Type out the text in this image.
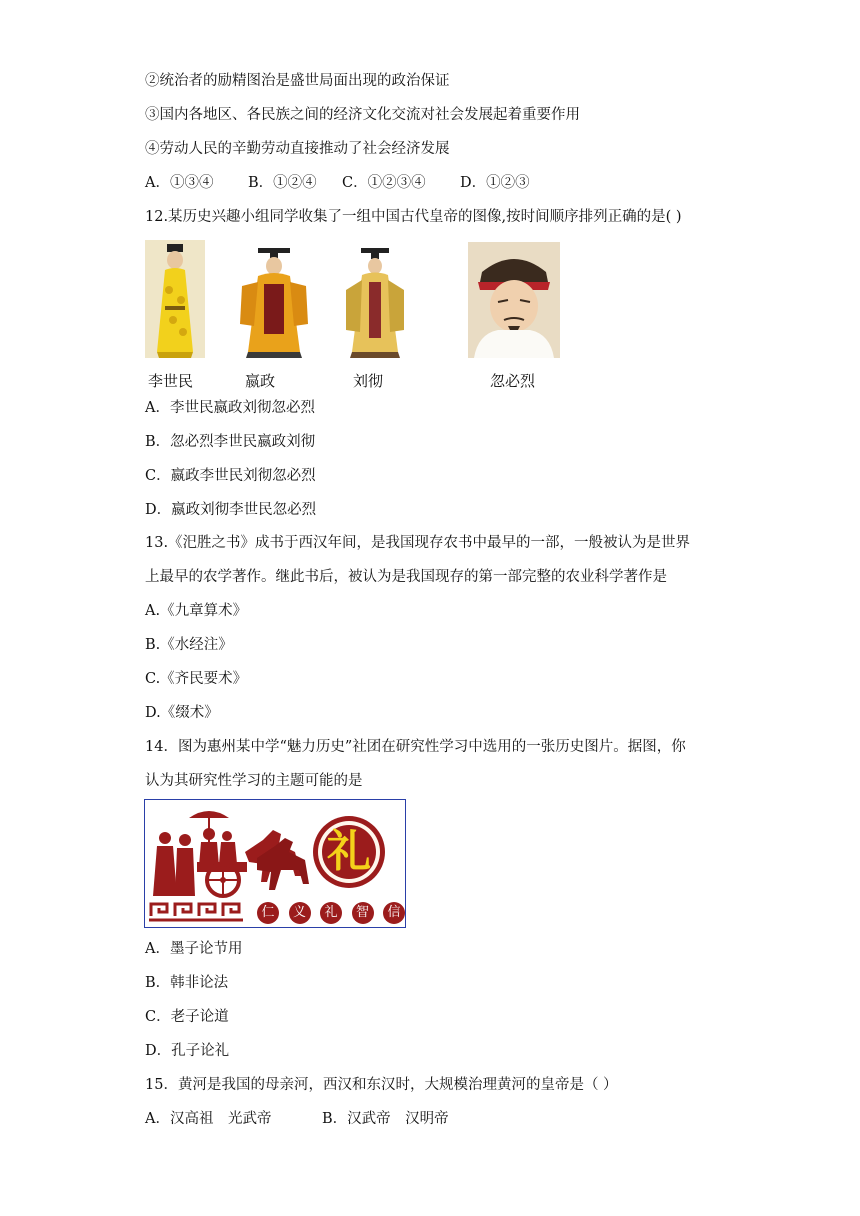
②统治者的励精图治是盛世局面出现的政治保证
③国内各地区、各民族之间的经济文化交流对社会发展起着重要作用
④劳动人民的辛勤劳动直接推动了社会经济发展
A．①③④ B．①②④ C．①②③④ D．①②③
12.某历史兴趣小组同学收集了一组中国古代皇帝的图像,按时间顺序排列正确的是( )
李世民	嬴政	刘彻	忽必烈
A．李世民嬴政刘彻忽必烈
B．忽必烈李世民嬴政刘彻
C．嬴政李世民刘彻忽必烈
D．嬴政刘彻李世民忽必烈
13.《汜胜之书》成书于西汉年间，是我国现存农书中最早的一部，一般被认为是世界
上最早的农学著作。继此书后，被认为是我国现存的第一部完整的农业科学著作是
A.《九章算术》
B.《水经注》
C.《齐民要术》
D.《缀术》
14．图为惠州某中学“魅力历史”社团在研究性学习中选用的一张历史图片。据图，你
认为其研究性学习的主题可能的是
礼
仁	义	礼	智	信
A．墨子论节用
B．韩非论法
C．老子论道
D．孔子论礼
15．黄河是我国的母亲河，西汉和东汉时，大规模治理黄河的皇帝是（ ）
A．汉高祖　光武帝	B．汉武帝　汉明帝
